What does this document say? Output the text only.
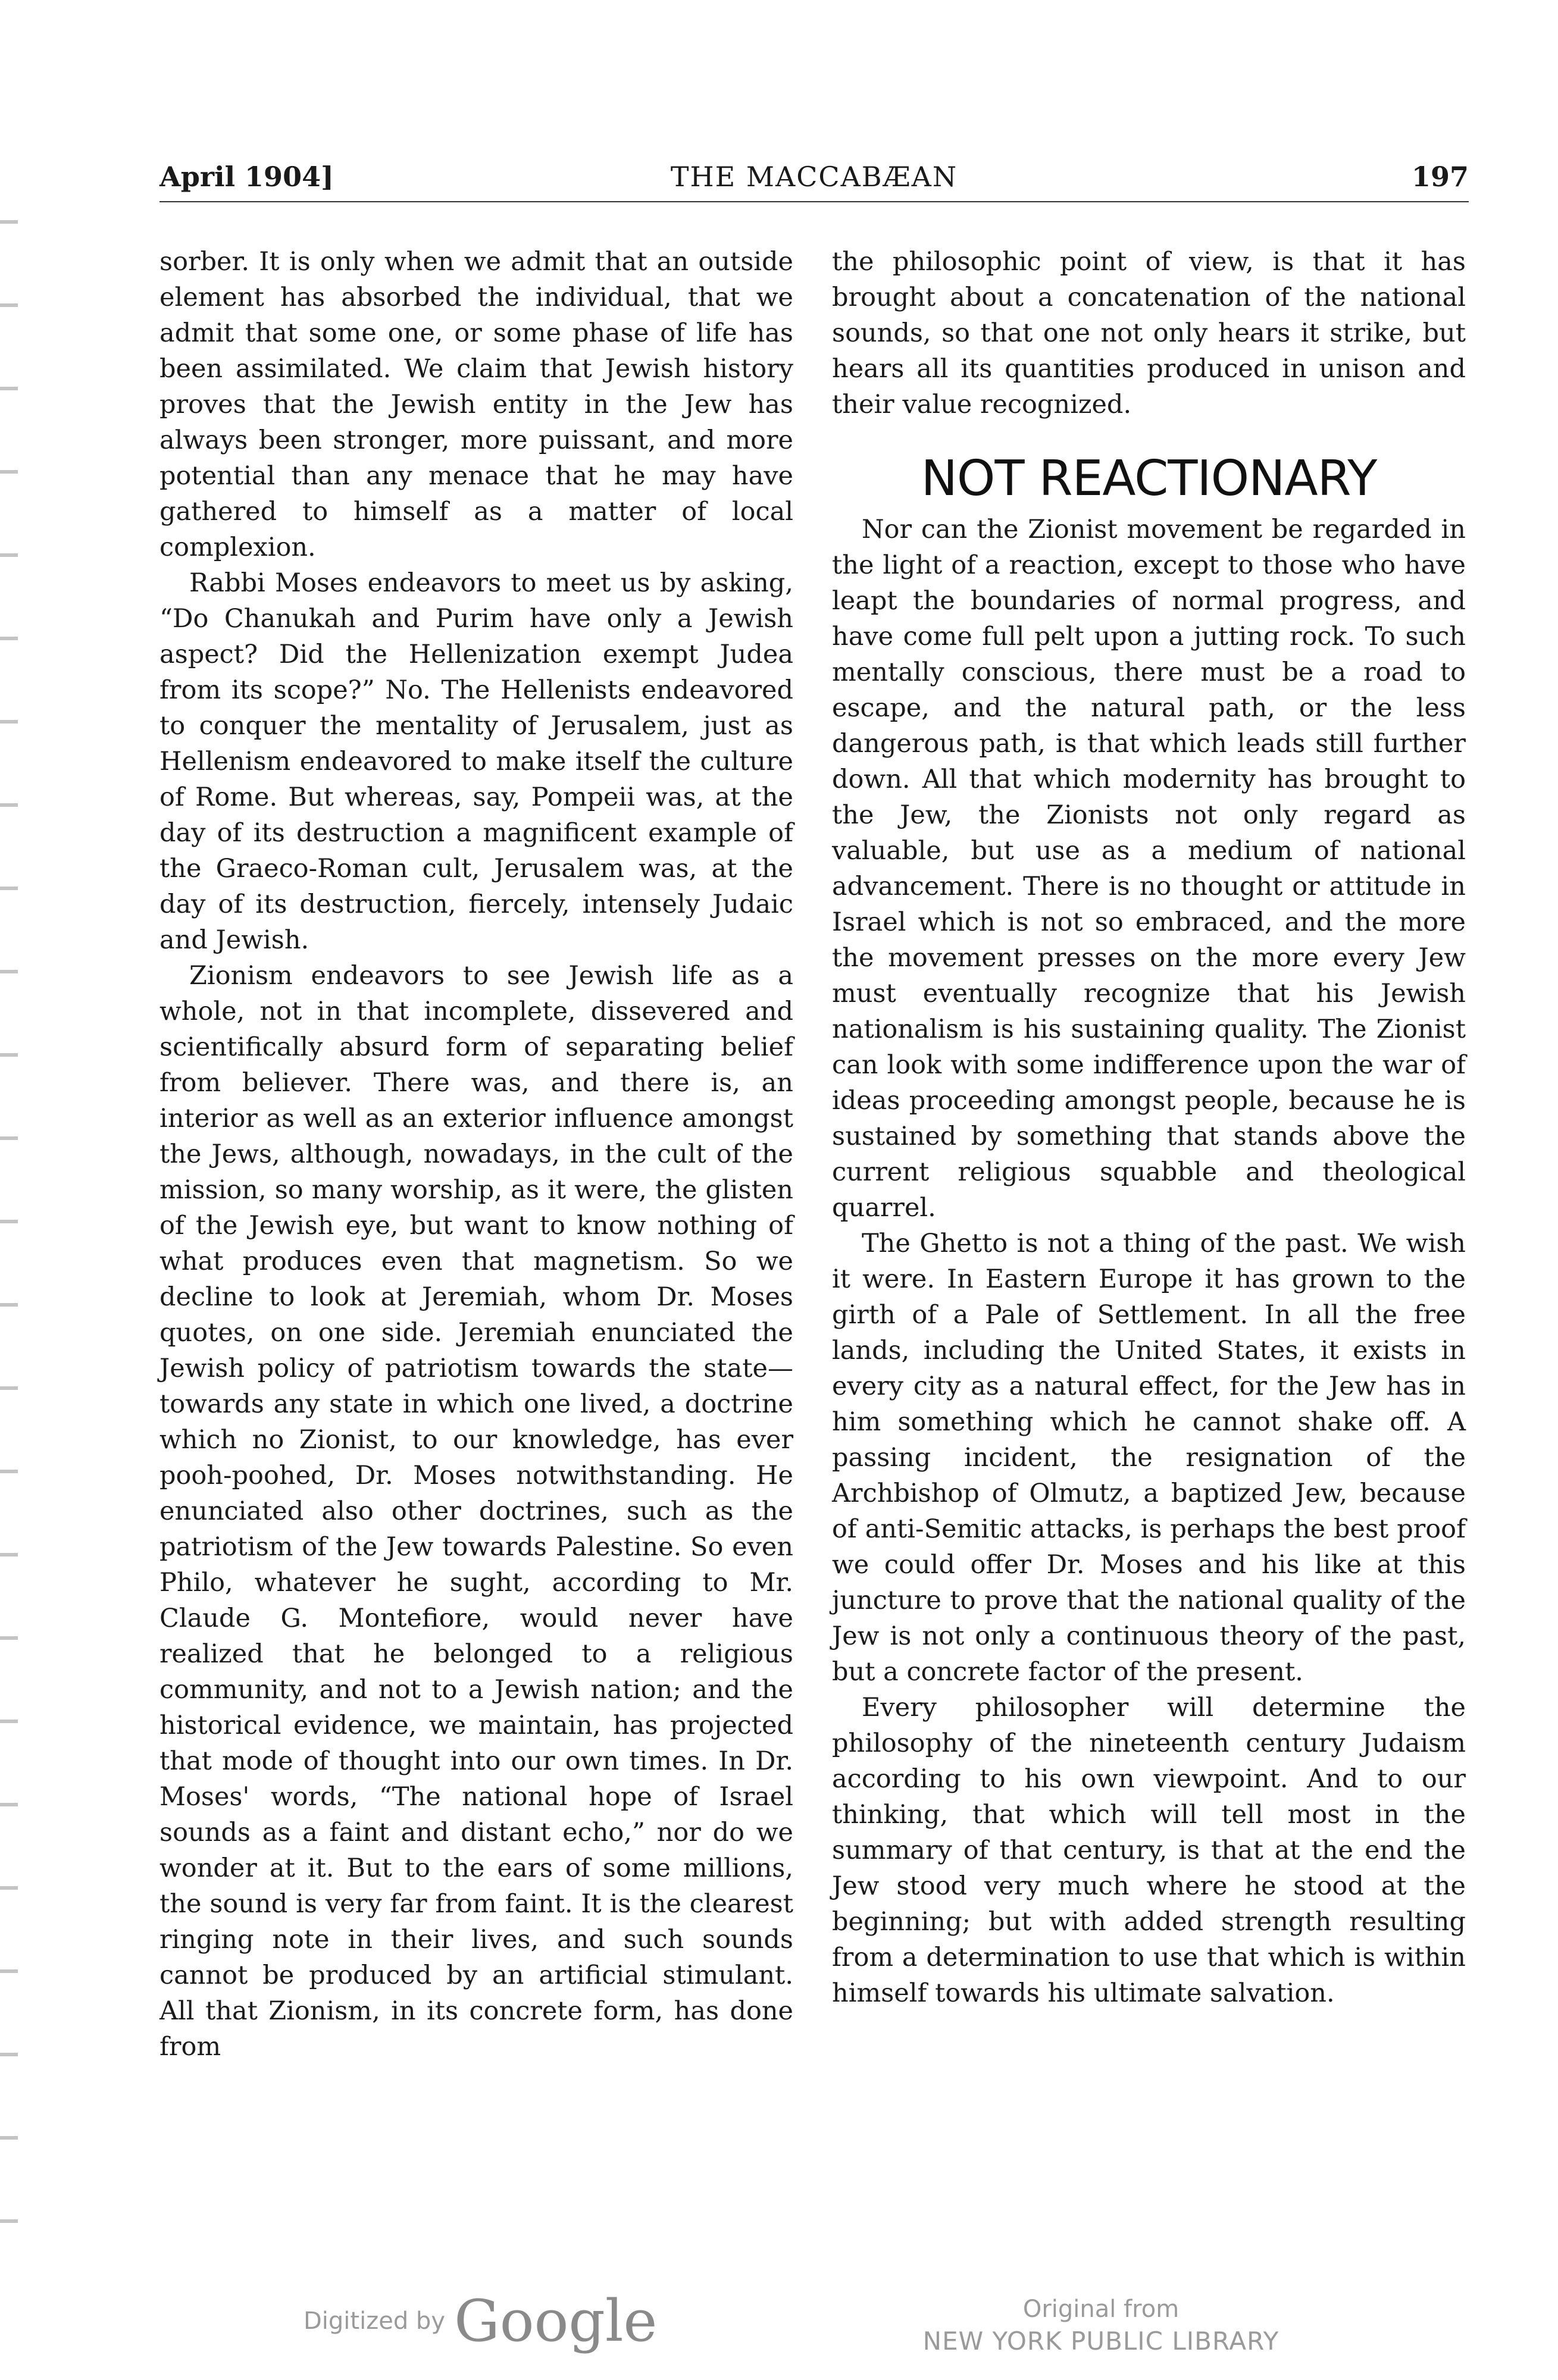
April 1904]	THE MACCABÆAN	197

sorber. It is only when we admit that an outside element has absorbed the individual, that we admit that some one, or some phase of life has been assimilated. We claim that Jewish history proves that the Jewish entity in the Jew has always been stronger, more puissant, and more potential than any menace that he may have gathered to himself as a matter of local complexion.

Rabbi Moses endeavors to meet us by asking, “Do Chanukah and Purim have only a Jewish aspect? Did the Hellenization exempt Judea from its scope?” No. The Hellenists endeavored to conquer the mentality of Jerusalem, just as Hellenism endeavored to make itself the culture of Rome. But whereas, say, Pompeii was, at the day of its destruction a magnificent example of the Graeco-Roman cult, Jerusalem was, at the day of its destruction, fiercely, intensely Judaic and Jewish.

Zionism endeavors to see Jewish life as a whole, not in that incomplete, dissevered and scientifically absurd form of separating belief from believer. There was, and there is, an interior as well as an exterior influence amongst the Jews, although, nowadays, in the cult of the mission, so many worship, as it were, the glisten of the Jewish eye, but want to know nothing of what produces even that magnetism. So we decline to look at Jeremiah, whom Dr. Moses quotes, on one side. Jeremiah enunciated the Jewish policy of patriotism towards the state—towards any state in which one lived, a doctrine which no Zionist, to our knowledge, has ever pooh-poohed, Dr. Moses notwithstanding. He enunciated also other doctrines, such as the patriotism of the Jew towards Palestine. So even Philo, whatever he sught, according to Mr. Claude G. Montefiore, would never have realized that he belonged to a religious community, and not to a Jewish nation; and the historical evidence, we maintain, has projected that mode of thought into our own times. In Dr. Moses' words, “The national hope of Israel sounds as a faint and distant echo,” nor do we wonder at it. But to the ears of some millions, the sound is very far from faint. It is the clearest ringing note in their lives, and such sounds cannot be produced by an artificial stimulant. All that Zionism, in its concrete form, has done from

the philosophic point of view, is that it has brought about a concatenation of the national sounds, so that one not only hears it strike, but hears all its quantities produced in unison and their value recognized.

NOT REACTIONARY

Nor can the Zionist movement be regarded in the light of a reaction, except to those who have leapt the boundaries of normal progress, and have come full pelt upon a jutting rock. To such mentally conscious, there must be a road to escape, and the natural path, or the less dangerous path, is that which leads still further down. All that which modernity has brought to the Jew, the Zionists not only regard as valuable, but use as a medium of national advancement. There is no thought or attitude in Israel which is not so embraced, and the more the movement presses on the more every Jew must eventually recognize that his Jewish nationalism is his sustaining quality. The Zionist can look with some indifference upon the war of ideas proceeding amongst people, because he is sustained by something that stands above the current religious squabble and theological quarrel.

The Ghetto is not a thing of the past. We wish it were. In Eastern Europe it has grown to the girth of a Pale of Settlement. In all the free lands, including the United States, it exists in every city as a natural effect, for the Jew has in him something which he cannot shake off. A passing incident, the resignation of the Archbishop of Olmutz, a baptized Jew, because of anti-Semitic attacks, is perhaps the best proof we could offer Dr. Moses and his like at this juncture to prove that the national quality of the Jew is not only a continuous theory of the past, but a concrete factor of the present.

Every philosopher will determine the philosophy of the nineteenth century Judaism according to his own viewpoint. And to our thinking, that which will tell most in the summary of that century, is that at the end the Jew stood very much where he stood at the beginning; but with added strength resulting from a determination to use that which is within himself towards his ultimate salvation.

Digitized by Google	Original from
NEW YORK PUBLIC LIBRARY
